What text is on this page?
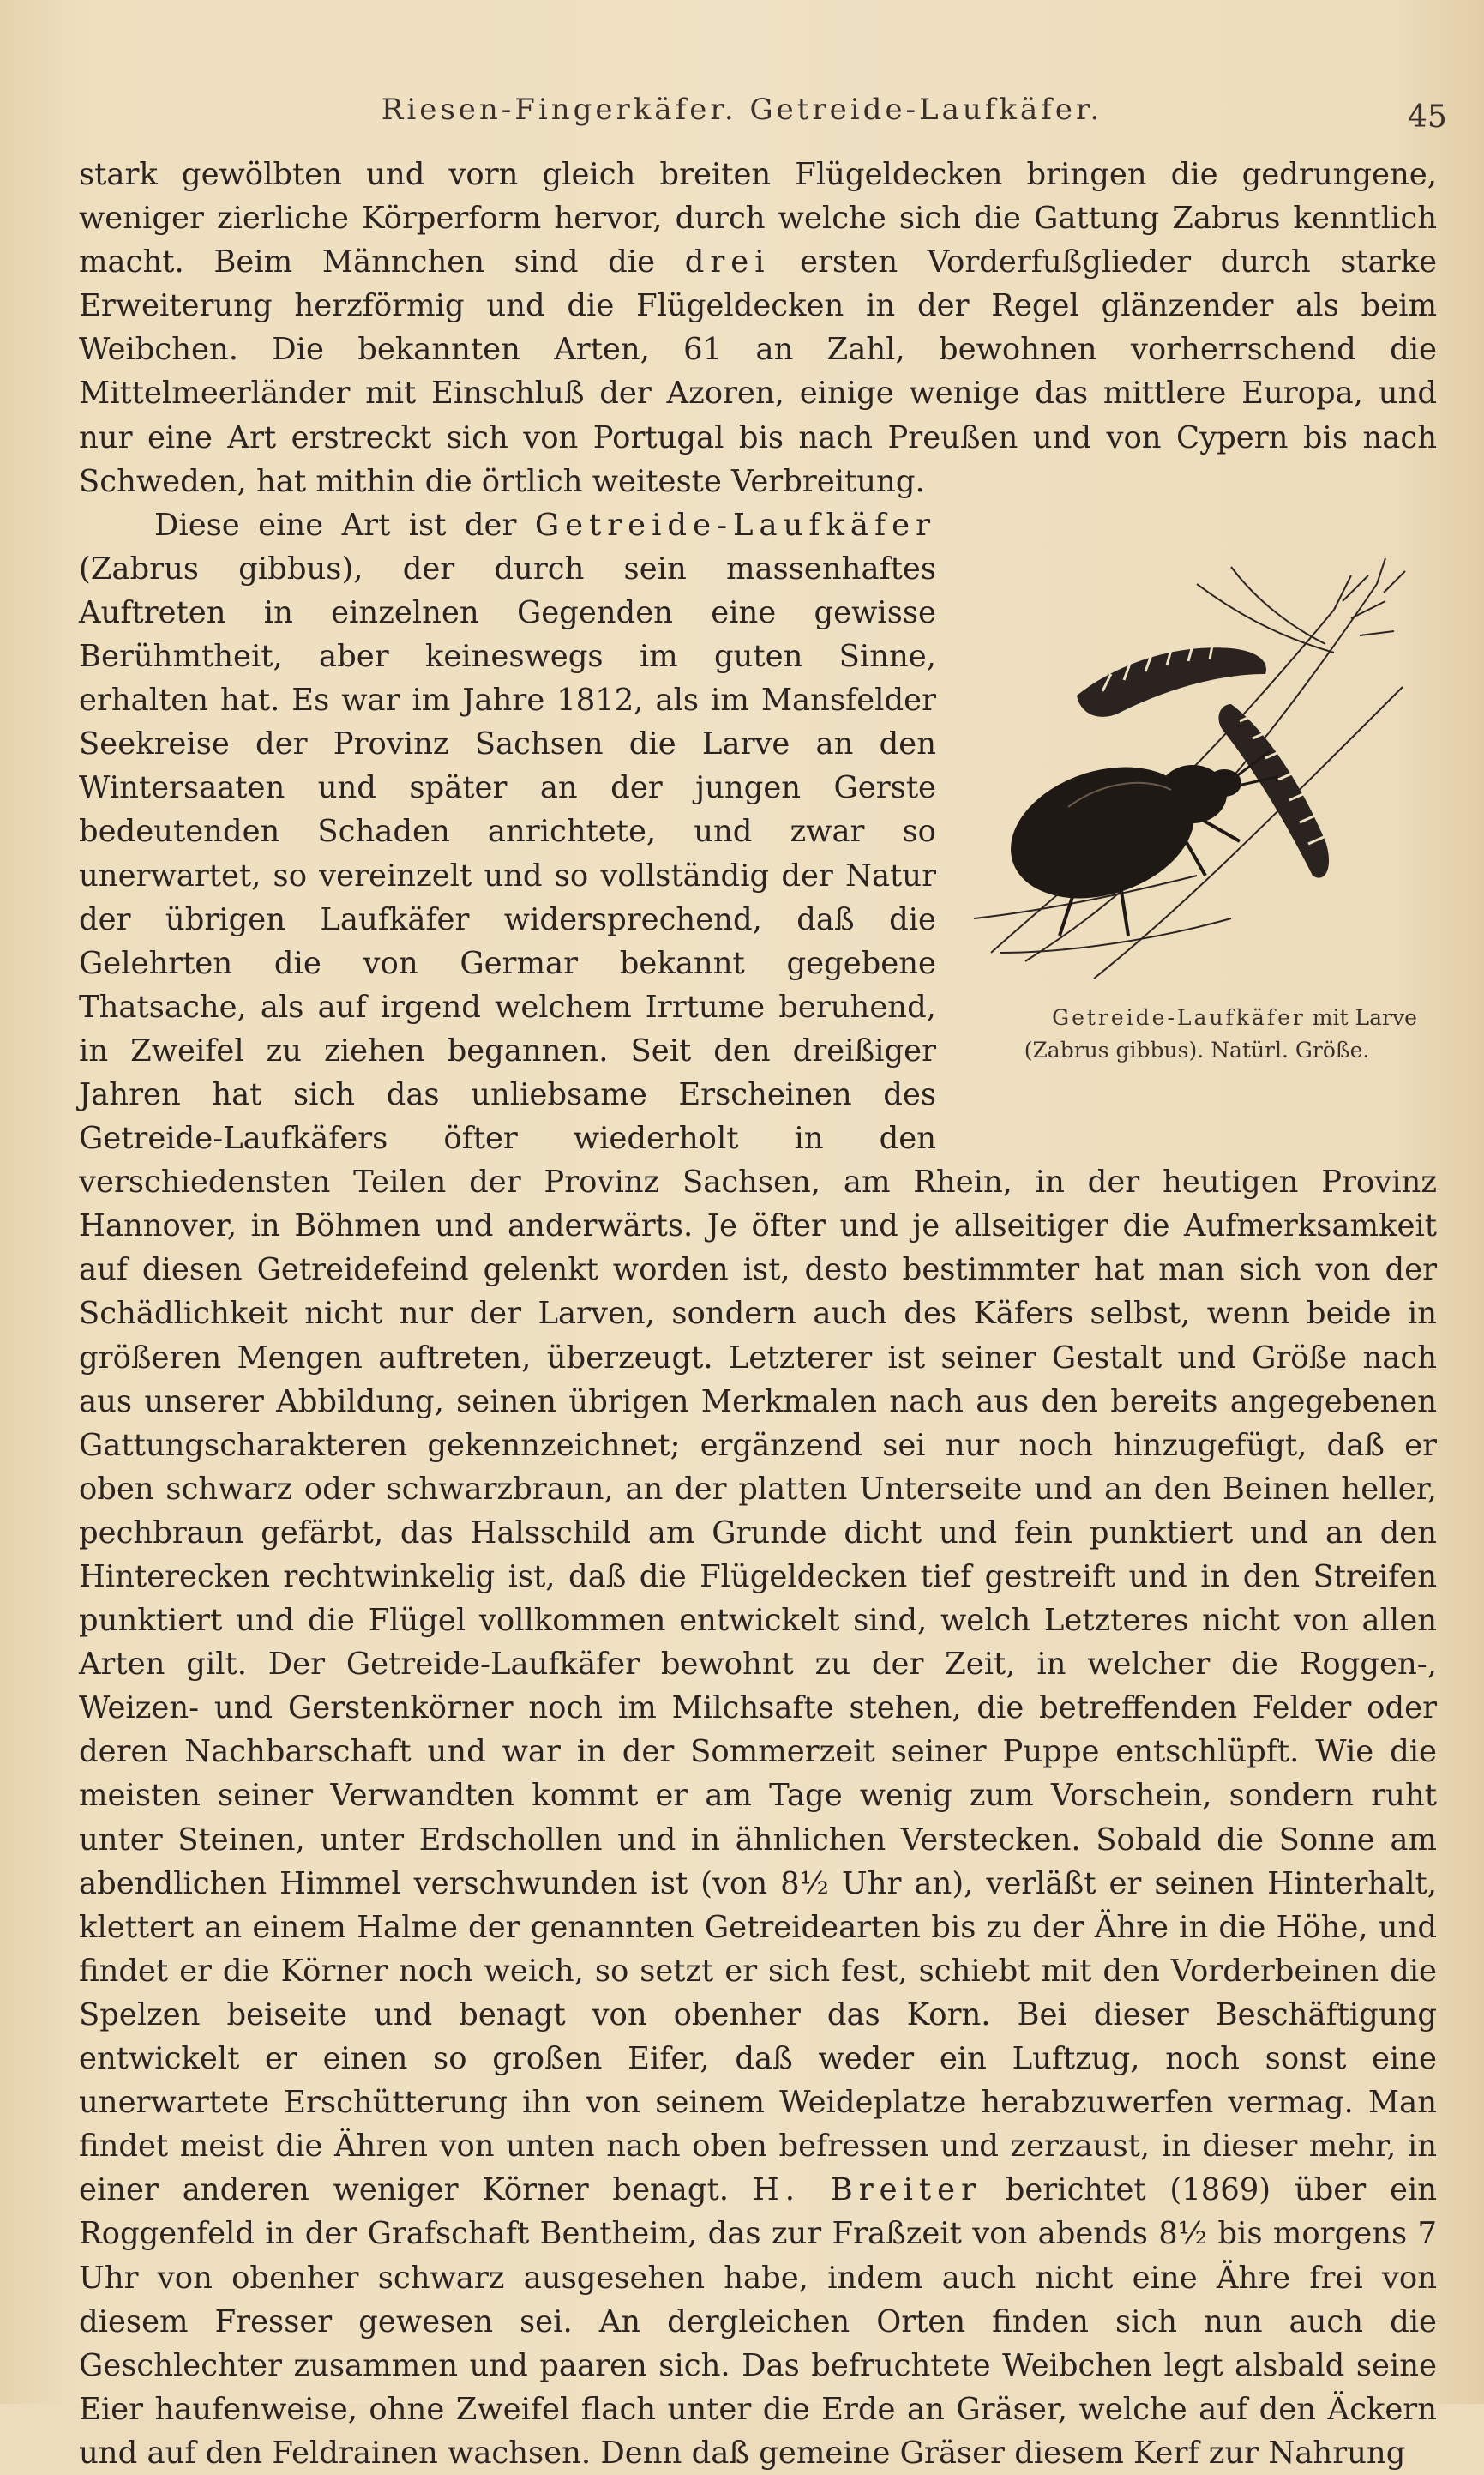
Riesen-Fingerkäfer. Getreide-Laufkäfer.	45

stark gewölbten und vorn gleich breiten Flügeldecken bringen die gedrungene, weniger zierliche Körperform hervor, durch welche sich die Gattung Zabrus kenntlich macht. Beim Männchen sind die drei ersten Vorderfußglieder durch starke Erweiterung herzförmig und die Flügeldecken in der Regel glänzender als beim Weibchen. Die bekannten Arten, 61 an Zahl, bewohnen vorherrschend die Mittelmeerländer mit Einschluß der Azoren, einige wenige das mittlere Europa, und nur eine Art erstreckt sich von Portugal bis nach Preußen und von Cypern bis nach Schweden, hat mithin die örtlich weiteste Verbreitung.

Diese eine Art ist der Getreide-Laufkäfer
Getreide-Laufkäfer mit Larve (Zabrus gibbus). Natürl. Größe.
(Zabrus gibbus), der durch sein massenhaftes Auftreten in einzelnen Gegenden eine gewisse Berühmtheit, aber keineswegs im guten Sinne, erhalten hat. Es war im Jahre 1812, als im Mansfelder Seekreise der Provinz Sachsen die Larve an den Wintersaaten und später an der jungen Gerste bedeutenden Schaden anrichtete, und zwar so unerwartet, so vereinzelt und so vollständig der Natur der übrigen Laufkäfer widersprechend, daß die Gelehrten die von Germar bekannt gegebene Thatsache, als auf irgend welchem Irrtume beruhend, in Zweifel zu ziehen begannen. Seit den dreißiger Jahren hat sich das unliebsame Erscheinen des Getreide-Laufkäfers öfter wiederholt in den verschiedensten Teilen der Provinz Sachsen, am Rhein, in der heutigen Provinz Hannover, in Böhmen und anderwärts. Je öfter und je allseitiger die Aufmerksamkeit auf diesen Getreidefeind gelenkt worden ist, desto bestimmter hat man sich von der Schädlichkeit nicht nur der Larven, sondern auch des Käfers selbst, wenn beide in größeren Mengen auftreten, überzeugt. Letzterer ist seiner Gestalt und Größe nach aus unserer Abbildung, seinen übrigen Merkmalen nach aus den bereits angegebenen Gattungscharakteren gekennzeichnet; ergänzend sei nur noch hinzugefügt, daß er oben schwarz oder schwarzbraun, an der platten Unterseite und an den Beinen heller, pechbraun gefärbt, das Halsschild am Grunde dicht und fein punktiert und an den Hinterecken rechtwinkelig ist, daß die Flügeldecken tief gestreift und in den Streifen punktiert und die Flügel vollkommen entwickelt sind, welch Letzteres nicht von allen Arten gilt. Der Getreide-Laufkäfer bewohnt zu der Zeit, in welcher die Roggen-, Weizen- und Gerstenkörner noch im Milchsafte stehen, die betreffenden Felder oder deren Nachbarschaft und war in der Sommerzeit seiner Puppe entschlüpft. Wie die meisten seiner Verwandten kommt er am Tage wenig zum Vorschein, sondern ruht unter Steinen, unter Erdschollen und in ähnlichen Verstecken. Sobald die Sonne am abendlichen Himmel verschwunden ist (von 8½ Uhr an), verläßt er seinen Hinterhalt, klettert an einem Halme der genannten Getreidearten bis zu der Ähre in die Höhe, und findet er die Körner noch weich, so setzt er sich fest, schiebt mit den Vorderbeinen die Spelzen beiseite und benagt von obenher das Korn. Bei dieser Beschäftigung entwickelt er einen so großen Eifer, daß weder ein Luftzug, noch sonst eine unerwartete Erschütterung ihn von seinem Weideplatze herabzuwerfen vermag. Man findet meist die Ähren von unten nach oben befressen und zerzaust, in dieser mehr, in einer anderen weniger Körner benagt. H. Breiter berichtet (1869) über ein Roggenfeld in der Grafschaft Bentheim, das zur Fraßzeit von abends 8½ bis morgens 7 Uhr von obenher schwarz ausgesehen habe, indem auch nicht eine Ähre frei von diesem Fresser gewesen sei. An dergleichen Orten finden sich nun auch die Geschlechter zusammen und paaren sich. Das befruchtete Weibchen legt alsbald seine Eier haufenweise, ohne Zweifel flach unter die Erde an Gräser, welche auf den Äckern und auf den Feldrainen wachsen. Denn daß gemeine Gräser diesem Kerf zur Nahrung
